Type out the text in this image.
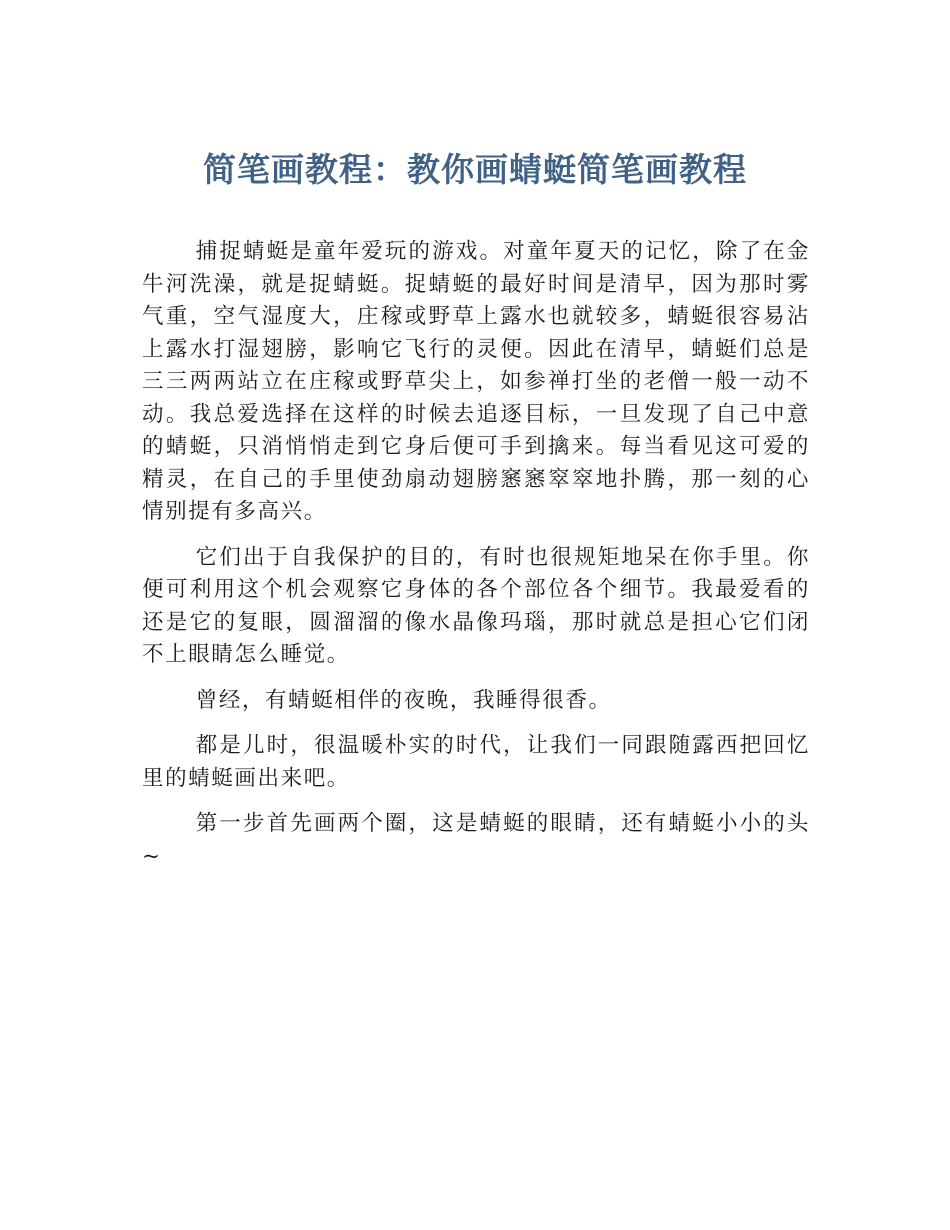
简笔画教程：教你画蜻蜓简笔画教程

捕捉蜻蜓是童年爱玩的游戏。对童年夏天的记忆，除了在金牛河洗澡，就是捉蜻蜓。捉蜻蜓的最好时间是清早，因为那时雾气重，空气湿度大，庄稼或野草上露水也就较多，蜻蜓很容易沾上露水打湿翅膀，影响它飞行的灵便。因此在清早，蜻蜓们总是三三两两站立在庄稼或野草尖上，如参禅打坐的老僧一般一动不动。我总爱选择在这样的时候去追逐目标，一旦发现了自己中意的蜻蜓，只消悄悄走到它身后便可手到擒来。每当看见这可爱的精灵，在自己的手里使劲扇动翅膀窸窸窣窣地扑腾，那一刻的心情别提有多高兴。

它们出于自我保护的目的，有时也很规矩地呆在你手里。你便可利用这个机会观察它身体的各个部位各个细节。我最爱看的还是它的复眼，圆溜溜的像水晶像玛瑙，那时就总是担心它们闭不上眼睛怎么睡觉。

曾经，有蜻蜓相伴的夜晚，我睡得很香。

都是儿时，很温暖朴实的时代，让我们一同跟随露西把回忆里的蜻蜓画出来吧。

第一步首先画两个圈，这是蜻蜓的眼睛，还有蜻蜓小小的头~
